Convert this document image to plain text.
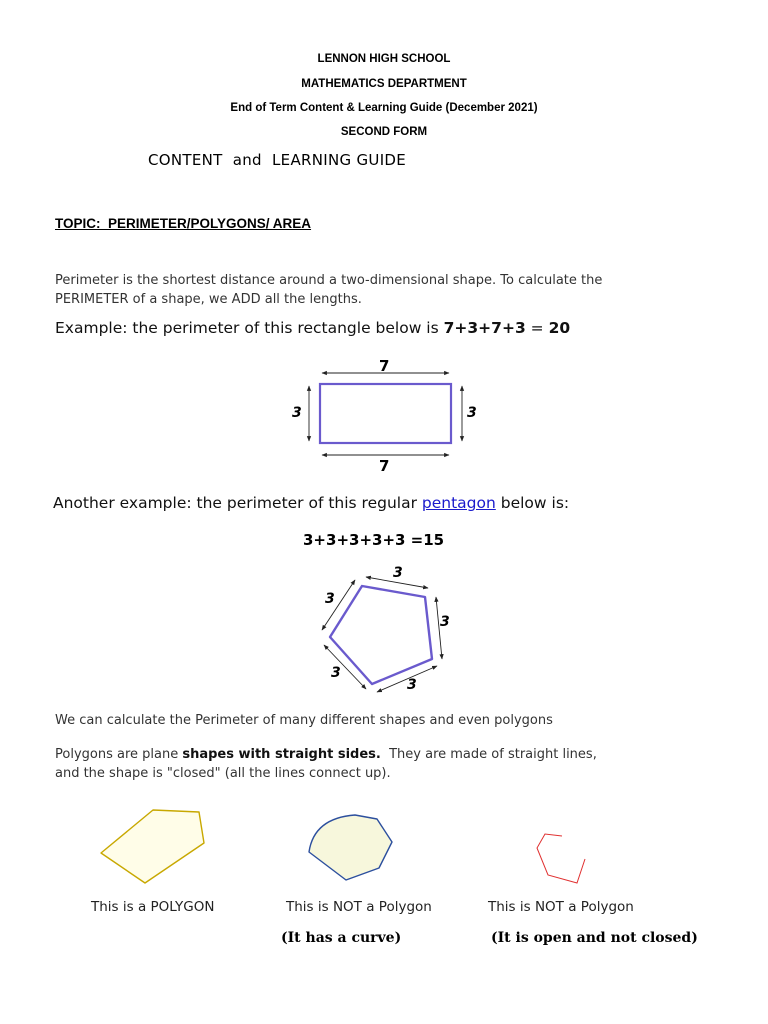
LENNON HIGH SCHOOL
MATHEMATICS DEPARTMENT
End of Term Content & Learning Guide (December 2021)
SECOND FORM
CONTENT  and  LEARNING GUIDE
TOPIC:  PERIMETER/POLYGONS/ AREA
Perimeter is the shortest distance around a two-dimensional shape. To calculate the
PERIMETER of a shape, we ADD all the lengths.
Example: the perimeter of this rectangle below is 7+3+7+3 = 20
7
7
3	3
Another example: the perimeter of this regular pentagon below is:
3+3+3+3+3 =15
3
3
3
3
3
We can calculate the Perimeter of many different shapes and even polygons
Polygons are plane shapes with straight sides.  They are made of straight lines,
and the shape is "closed" (all the lines connect up).
This is a POLYGON	This is NOT a Polygon	This is NOT a Polygon
(It has a curve)	(It is open and not closed)
